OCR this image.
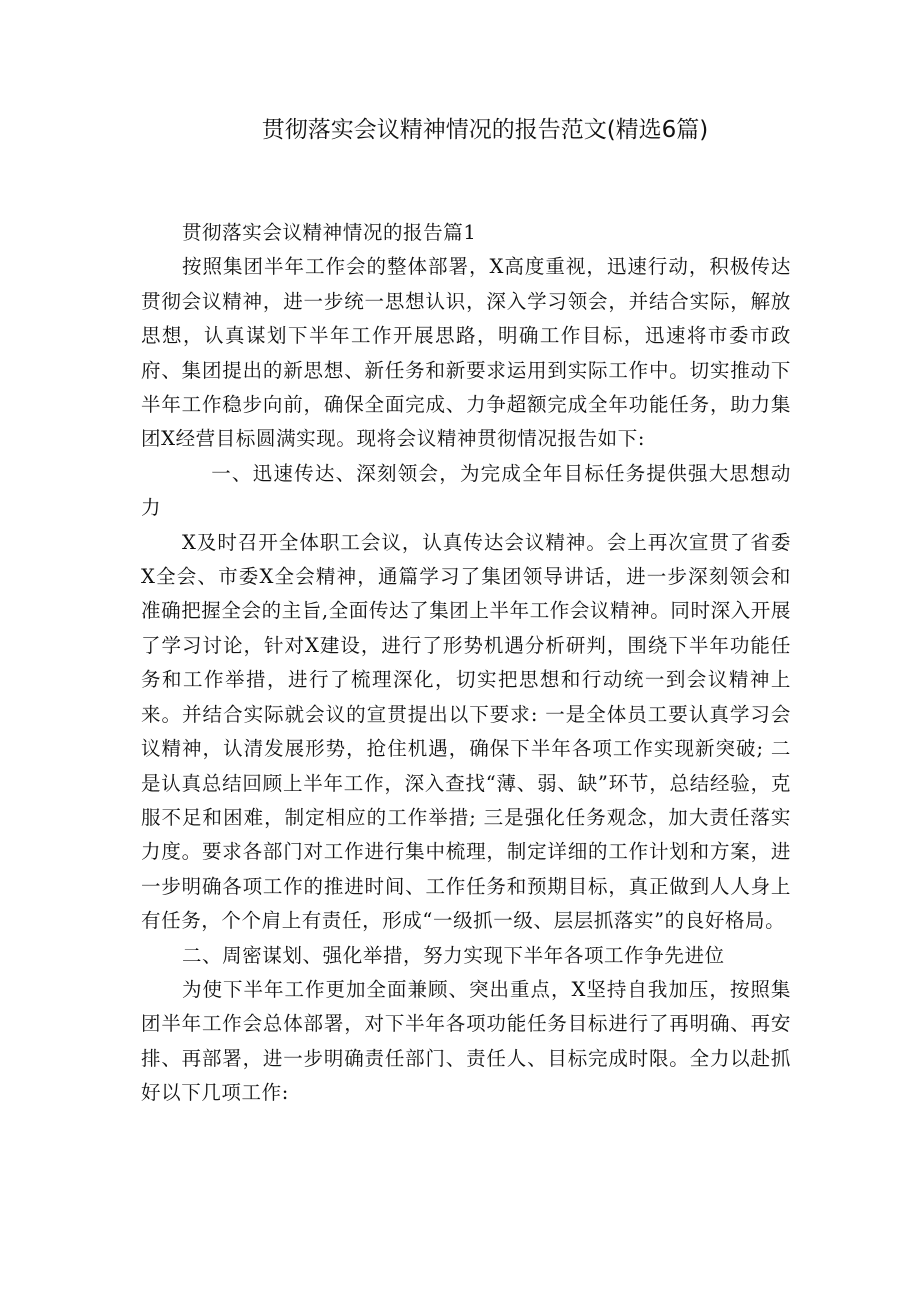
贯彻落实会议精神情况的报告范文(精选6篇)

贯彻落实会议精神情况的报告篇1

按照集团半年工作会的整体部署，X高度重视，迅速行动，积极传达贯彻会议精神，进一步统一思想认识，深入学习领会，并结合实际，解放思想，认真谋划下半年工作开展思路，明确工作目标，迅速将市委市政府、集团提出的新思想、新任务和新要求运用到实际工作中。切实推动下半年工作稳步向前，确保全面完成、力争超额完成全年功能任务，助力集团X经营目标圆满实现。现将会议精神贯彻情况报告如下:

一、迅速传达、深刻领会，为完成全年目标任务提供强大思想动力

X及时召开全体职工会议，认真传达会议精神。会上再次宣贯了省委X全会、市委X全会精神，通篇学习了集团领导讲话，进一步深刻领会和准确把握全会的主旨,全面传达了集团上半年工作会议精神。同时深入开展了学习讨论，针对X建设，进行了形势机遇分析研判，围绕下半年功能任务和工作举措，进行了梳理深化，切实把思想和行动统一到会议精神上来。并结合实际就会议的宣贯提出以下要求: 一是全体员工要认真学习会议精神，认清发展形势，抢住机遇，确保下半年各项工作实现新突破; 二是认真总结回顾上半年工作，深入查找“薄、弱、缺”环节，总结经验，克服不足和困难，制定相应的工作举措; 三是强化任务观念，加大责任落实力度。要求各部门对工作进行集中梳理，制定详细的工作计划和方案，进一步明确各项工作的推进时间、工作任务和预期目标，真正做到人人身上有任务，个个肩上有责任，形成“一级抓一级、层层抓落实”的良好格局。

二、周密谋划、强化举措，努力实现下半年各项工作争先进位

为使下半年工作更加全面兼顾、突出重点，X坚持自我加压，按照集团半年工作会总体部署，对下半年各项功能任务目标进行了再明确、再安排、再部署，进一步明确责任部门、责任人、目标完成时限。全力以赴抓好以下几项工作:
